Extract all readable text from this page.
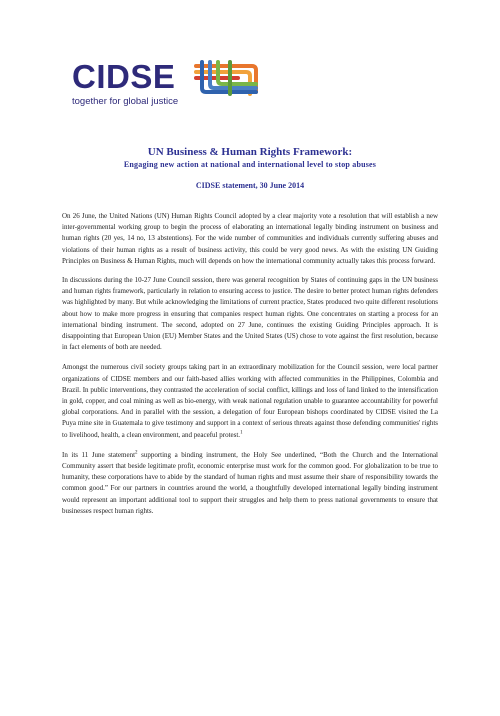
CIDSE
together for global justice
UN Business & Human Rights Framework:
Engaging new action at national and international level to stop abuses
CIDSE statement, 30 June 2014

On 26 June, the United Nations (UN) Human Rights Council adopted by a clear majority vote a resolution that will establish a new inter-governmental working group to begin the process of elaborating an international legally binding instrument on business and human rights (20 yes, 14 no, 13 abstentions). For the wide number of communities and individuals currently suffering abuses and violations of their human rights as a result of business activity, this could be very good news. As with the existing UN Guiding Principles on Business & Human Rights, much will depends on how the international community actually takes this process forward.

In discussions during the 10-27 June Council session, there was general recognition by States of continuing gaps in the UN business and human rights framework, particularly in relation to ensuring access to justice. The desire to better protect human rights defenders was highlighted by many. But while acknowledging the limitations of current practice, States produced two quite different resolutions about how to make more progress in ensuring that companies respect human rights. One concentrates on starting a process for an international binding instrument. The second, adopted on 27 June, continues the existing Guiding Principles approach. It is disappointing that European Union (EU) Member States and the United States (US) chose to vote against the first resolution, because in fact elements of both are needed.

Amongst the numerous civil society groups taking part in an extraordinary mobilization for the Council session, were local partner organizations of CIDSE members and our faith-based allies working with affected communities in the Philippines, Colombia and Brazil. In public interventions, they contrasted the acceleration of social conflict, killings and loss of land linked to the intensification in gold, copper, and coal mining as well as bio-energy, with weak national regulation unable to guarantee accountability for powerful global corporations. And in parallel with the session, a delegation of four European bishops coordinated by CIDSE visited the La Puya mine site in Guatemala to give testimony and support in a context of serious threats against those defending communities' rights to livelihood, health, a clean environment, and peaceful protest.$^1$

In its 11 June statement$^2$ supporting a binding instrument, the Holy See underlined, “Both the Church and the International Community assert that beside legitimate profit, economic enterprise must work for the common good. For globalization to be true to humanity, these corporations have to abide by the standard of human rights and must assume their share of responsibility towards the common good.” For our partners in countries around the world, a thoughtfully developed international legally binding instrument would represent an important additional tool to support their struggles and help them to press national governments to ensure that businesses respect human rights.
